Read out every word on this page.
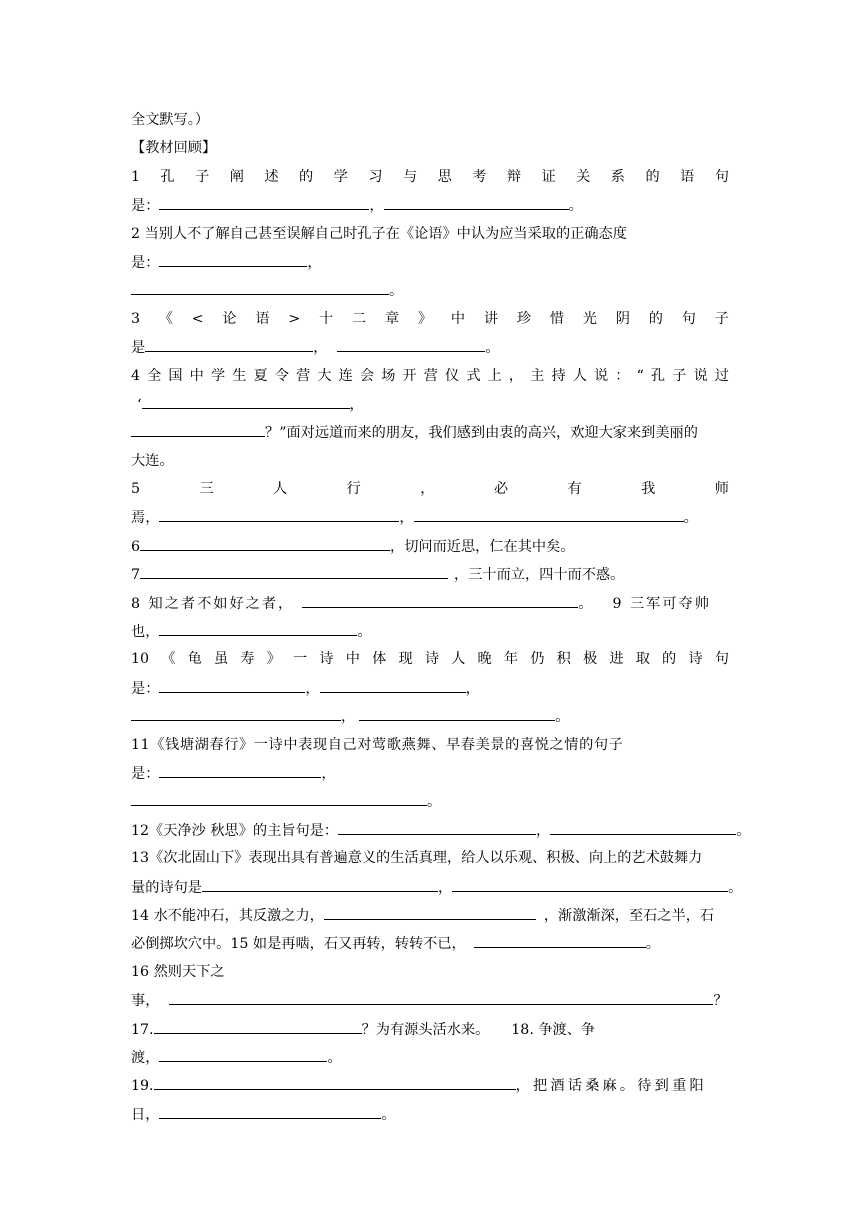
全文默写。）
【教材回顾】
1 孔 子 阐 述 的 学 习 与 思 考 辩 证 关 系 的 语 句
是：	，	。
2 当别人不了解自己甚至误解自己时孔子在《论语》中认为应当采取的正确态度
是：	，
。
3 《 < 论 语 > 十 二 章 》 中 讲 珍 惜 光 阴 的 句 子
是	，	。
4 全 国 中 学 生 夏 令 营 大 连 会 场 开 营 仪 式 上 ， 主 持 人 说 ： “ 孔 子 说 过
‘	，
？”面对远道而来的朋友，我们感到由衷的高兴，欢迎大家来到美丽的
大连。
5	三	人	行	，	必	有	我	师
焉，	，	。
6	，切问而近思，仁在其中矣。
7	，三十而立，四十而不惑。
8 知之者不如好之者，	。 9 三军可夺帅
也，	。
10 《 龟 虽 寿 》 一 诗 中 体 现 诗 人 晚 年 仍 积 极 进 取 的 诗 句
是：	，	，
，	。
11《钱塘湖春行》一诗中表现自己对莺歌燕舞、早春美景的喜悦之情的句子
是：	，
。
12《天净沙 秋思》的主旨句是：	，	。
13《次北固山下》表现出具有普遍意义的生活真理，给人以乐观、积极、向上的艺术鼓舞力
量的诗句是	，	。
14 水不能冲石，其反激之力，	，渐激渐深，至石之半，石
必倒掷坎穴中。15 如是再啮，石又再转，转转不已，	。
16 然则天下之
事，	？
17.	？为有源头活水来。 18. 争渡、争
渡，	。
19.	，把酒话桑麻。待到重阳
日，	。
